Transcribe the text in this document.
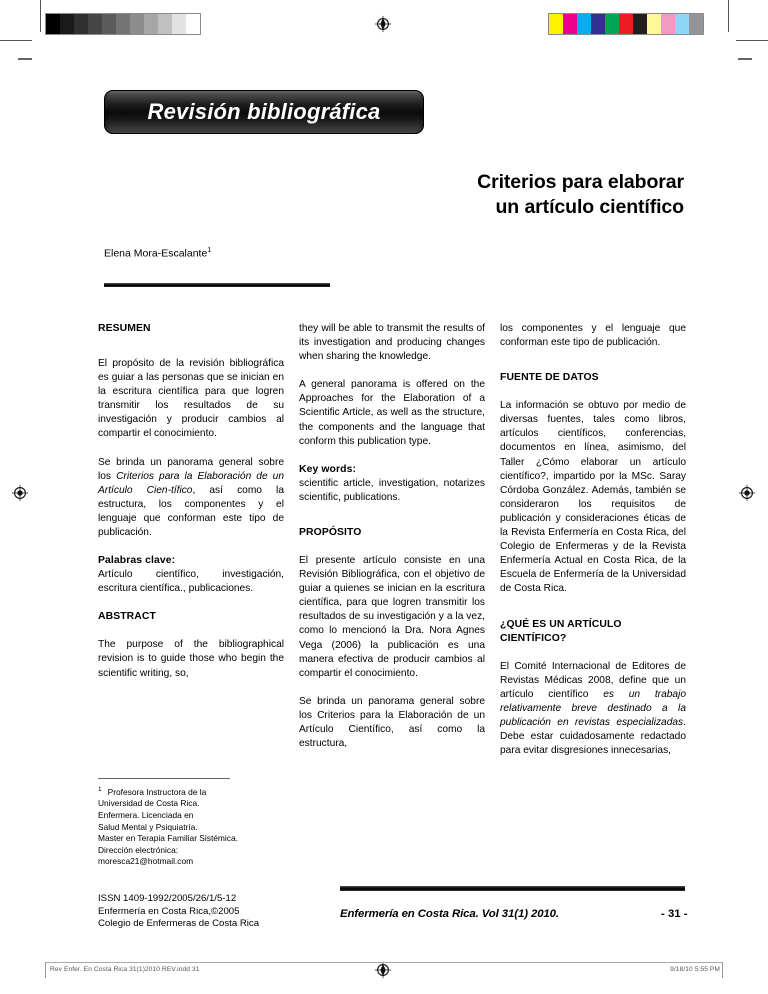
Revisión bibliográfica
Criterios para elaborar
un artículo científico
Elena Mora-Escalante$^1$
RESUMEN

El propósito de la revisión bibliográfica es guiar a las personas que se inician en la escritura científica para que logren transmitir los resultados de su investigación y producir cambios al compartir el conocimiento.

Se brinda un panorama general sobre los Criterios para la Elaboración de un Artículo Cien-tífico, así como la estructura, los componentes y el lenguaje que conforman este tipo de publicación.

Palabras clave:

Artículo científico, investigación, escritura científica., publicaciones.

ABSTRACT

The purpose of the bibliographical revision is to guide those who begin the scientific writing, so,

they will be able to transmit the results of its investigation and producing changes when sharing the knowledge.

A general panorama is offered on the Approaches for the Elaboration of a Scientific Article, as well as the structure, the components and the language that conform this publication type.

Key words:

scientific article, investigation, notarizes scientific, publications.

PROPÓSITO

El presente artículo consiste en una Revisión Bibliográfica, con el objetivo de guiar a quienes se inician en la escritura científica, para que logren transmitir los resultados de su investigación y a la vez, como lo mencionó la Dra. Nora Agnes Vega (2006) la publicación es una manera efectiva de producir cambios al compartir el conocimiento.

Se brinda un panorama general sobre los Criterios para la Elaboración de un Artículo Científico, así como la estructura,

los componentes y el lenguaje que conforman este tipo de publicación.

FUENTE DE DATOS

La información se obtuvo por medio de diversas fuentes, tales como libros, artículos científicos, conferencias, documentos en línea, asimismo, del Taller ¿Cómo elaborar un artículo científico?, impartido por la MSc. Saray Córdoba González. Además, también se consideraron los requisitos de publicación y consideraciones éticas de la Revista Enfermería en Costa Rica, del Colegio de Enfermeras y de la Revista Enfermería Actual en Costa Rica, de la Escuela de Enfermería de la Universidad de Costa Rica.

¿QUÉ ES UN ARTÍCULO
CIENTÍFICO?

El Comité Internacional de Editores de Revistas Médicas 2008, define que un artículo científico es un trabajo relativamente breve destinado a la publicación en revistas especializadas. Debe estar cuidadosamente redactado para evitar disgresiones innecesarias,

$^1$ Profesora Instructora de la
Universidad de Costa Rica.
Enfermera. Licenciada en
Salud Mental y Psiquiatría.
Master en Terapia Familiar Sistémica.
Dirección electrónica:
moresca21@hotmail.com
ISSN 1409-1992/2005/26/1/5-12
Enfermería en Costa Rica,©2005
Colegio de Enfermeras de Costa Rica
Enfermería en Costa Rica. Vol 31(1) 2010.	- 31 -
Rev Enfer. En Costa Rica 31(1)2010 REV.indd 31	9/18/10 5:55 PM
